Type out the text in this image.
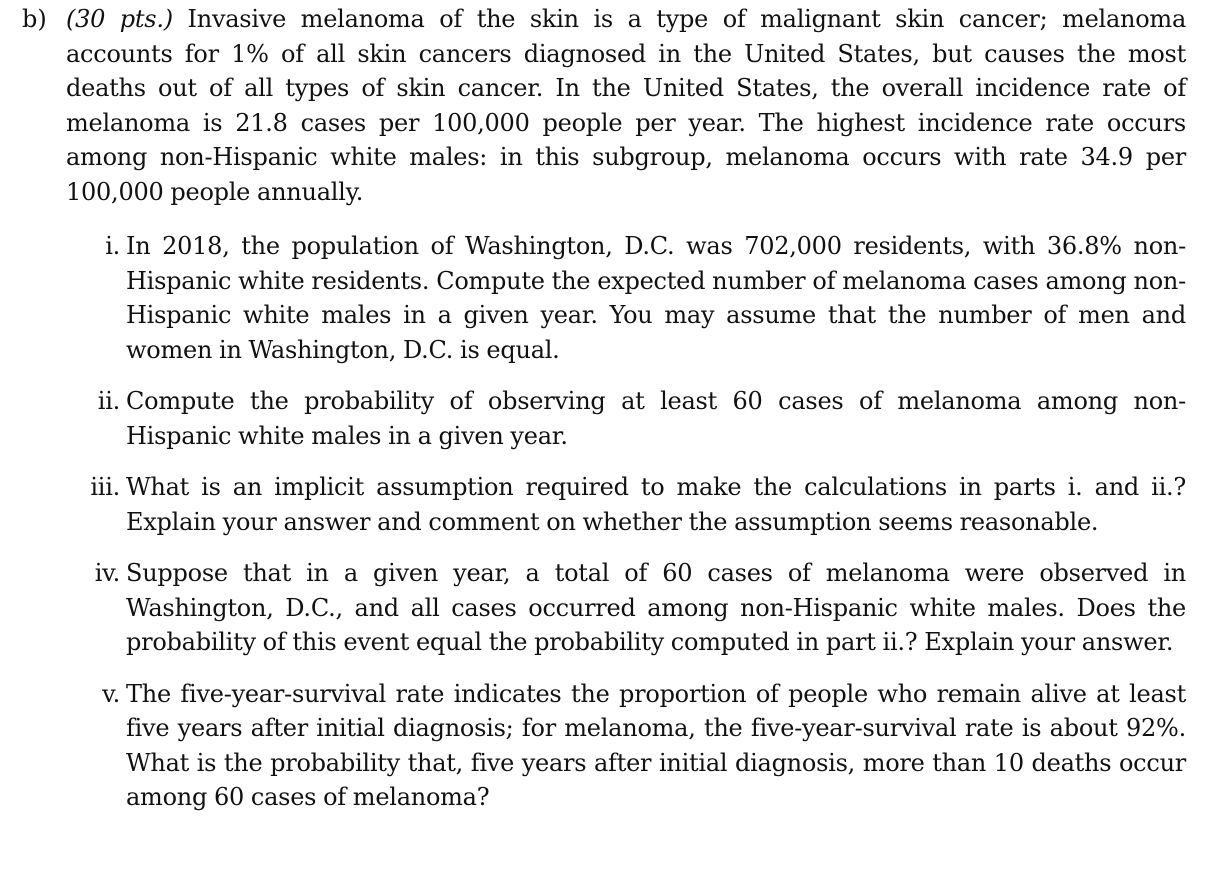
b) (30 pts.) Invasive melanoma of the skin is a type of malignant skin cancer; melanoma accounts for 1% of all skin cancers diagnosed in the United States, but causes the most deaths out of all types of skin cancer. In the United States, the overall incidence rate of melanoma is 21.8 cases per 100,000 people per year. The highest incidence rate occurs among non-Hispanic white males: in this subgroup, melanoma occurs with rate 34.9 per 100,000 people annually.
i. In 2018, the population of Washington, D.C. was 702,000 residents, with 36.8% non-Hispanic white residents. Compute the expected number of melanoma cases among non-Hispanic white males in a given year. You may assume that the number of men and women in Washington, D.C. is equal.
ii. Compute the probability of observing at least 60 cases of melanoma among non-Hispanic white males in a given year.
iii. What is an implicit assumption required to make the calculations in parts i. and ii.? Explain your answer and comment on whether the assumption seems reasonable.
iv. Suppose that in a given year, a total of 60 cases of melanoma were observed in Washington, D.C., and all cases occurred among non-Hispanic white males. Does the probability of this event equal the probability computed in part ii.? Explain your answer.
v. The five-year-survival rate indicates the proportion of people who remain alive at least five years after initial diagnosis; for melanoma, the five-year-survival rate is about 92%. What is the probability that, five years after initial diagnosis, more than 10 deaths occur among 60 cases of melanoma?
